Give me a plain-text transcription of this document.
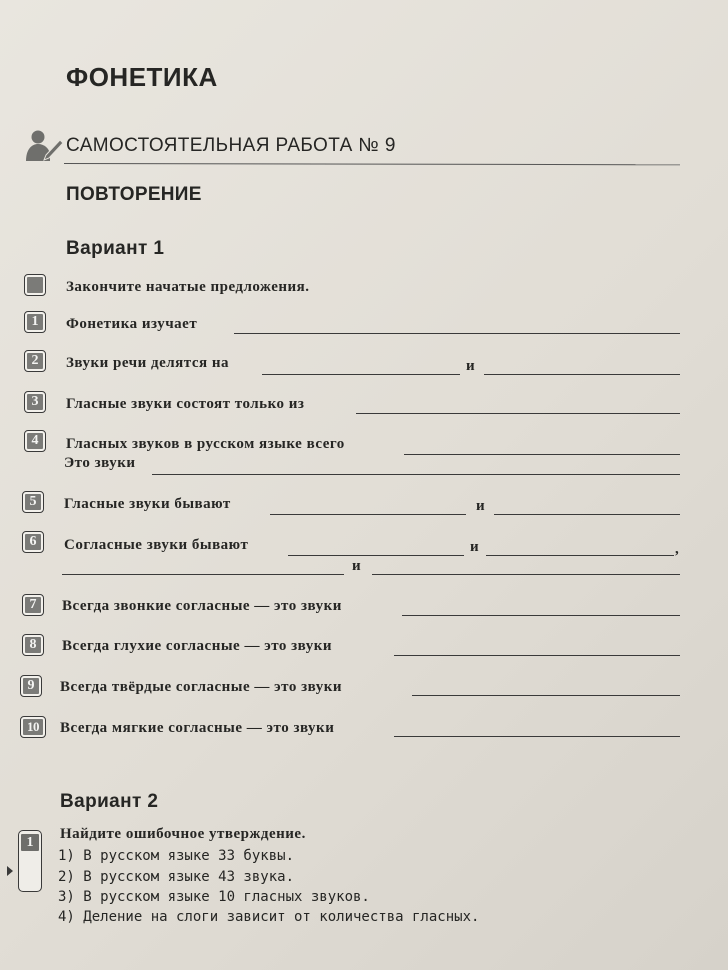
ФОНЕТИКА
САМОСТОЯТЕЛЬНАЯ РАБОТА № 9
ПОВТОРЕНИЕ
Вариант 1
Закончите начатые предложения.
1	Фонетика изучает
2	Звуки речи делятся на	и
3	Гласные звуки состоят только из
4	Гласных звуков в русском языке всего
Это звуки
5	Гласные звуки бывают	и
6	Согласные звуки бывают	и	,
и
7	Всегда звонкие согласные — это звуки
8	Всегда глухие согласные — это звуки
9	Всегда твёрдые согласные — это звуки
10 Всегда мягкие согласные — это звуки
Вариант 2
1
Найдите ошибочное утверждение.
1) В русском языке 33 буквы.
2) В русском языке 43 звука.
3) В русском языке 10 гласных звуков.
4) Деление на слоги зависит от количества гласных.
